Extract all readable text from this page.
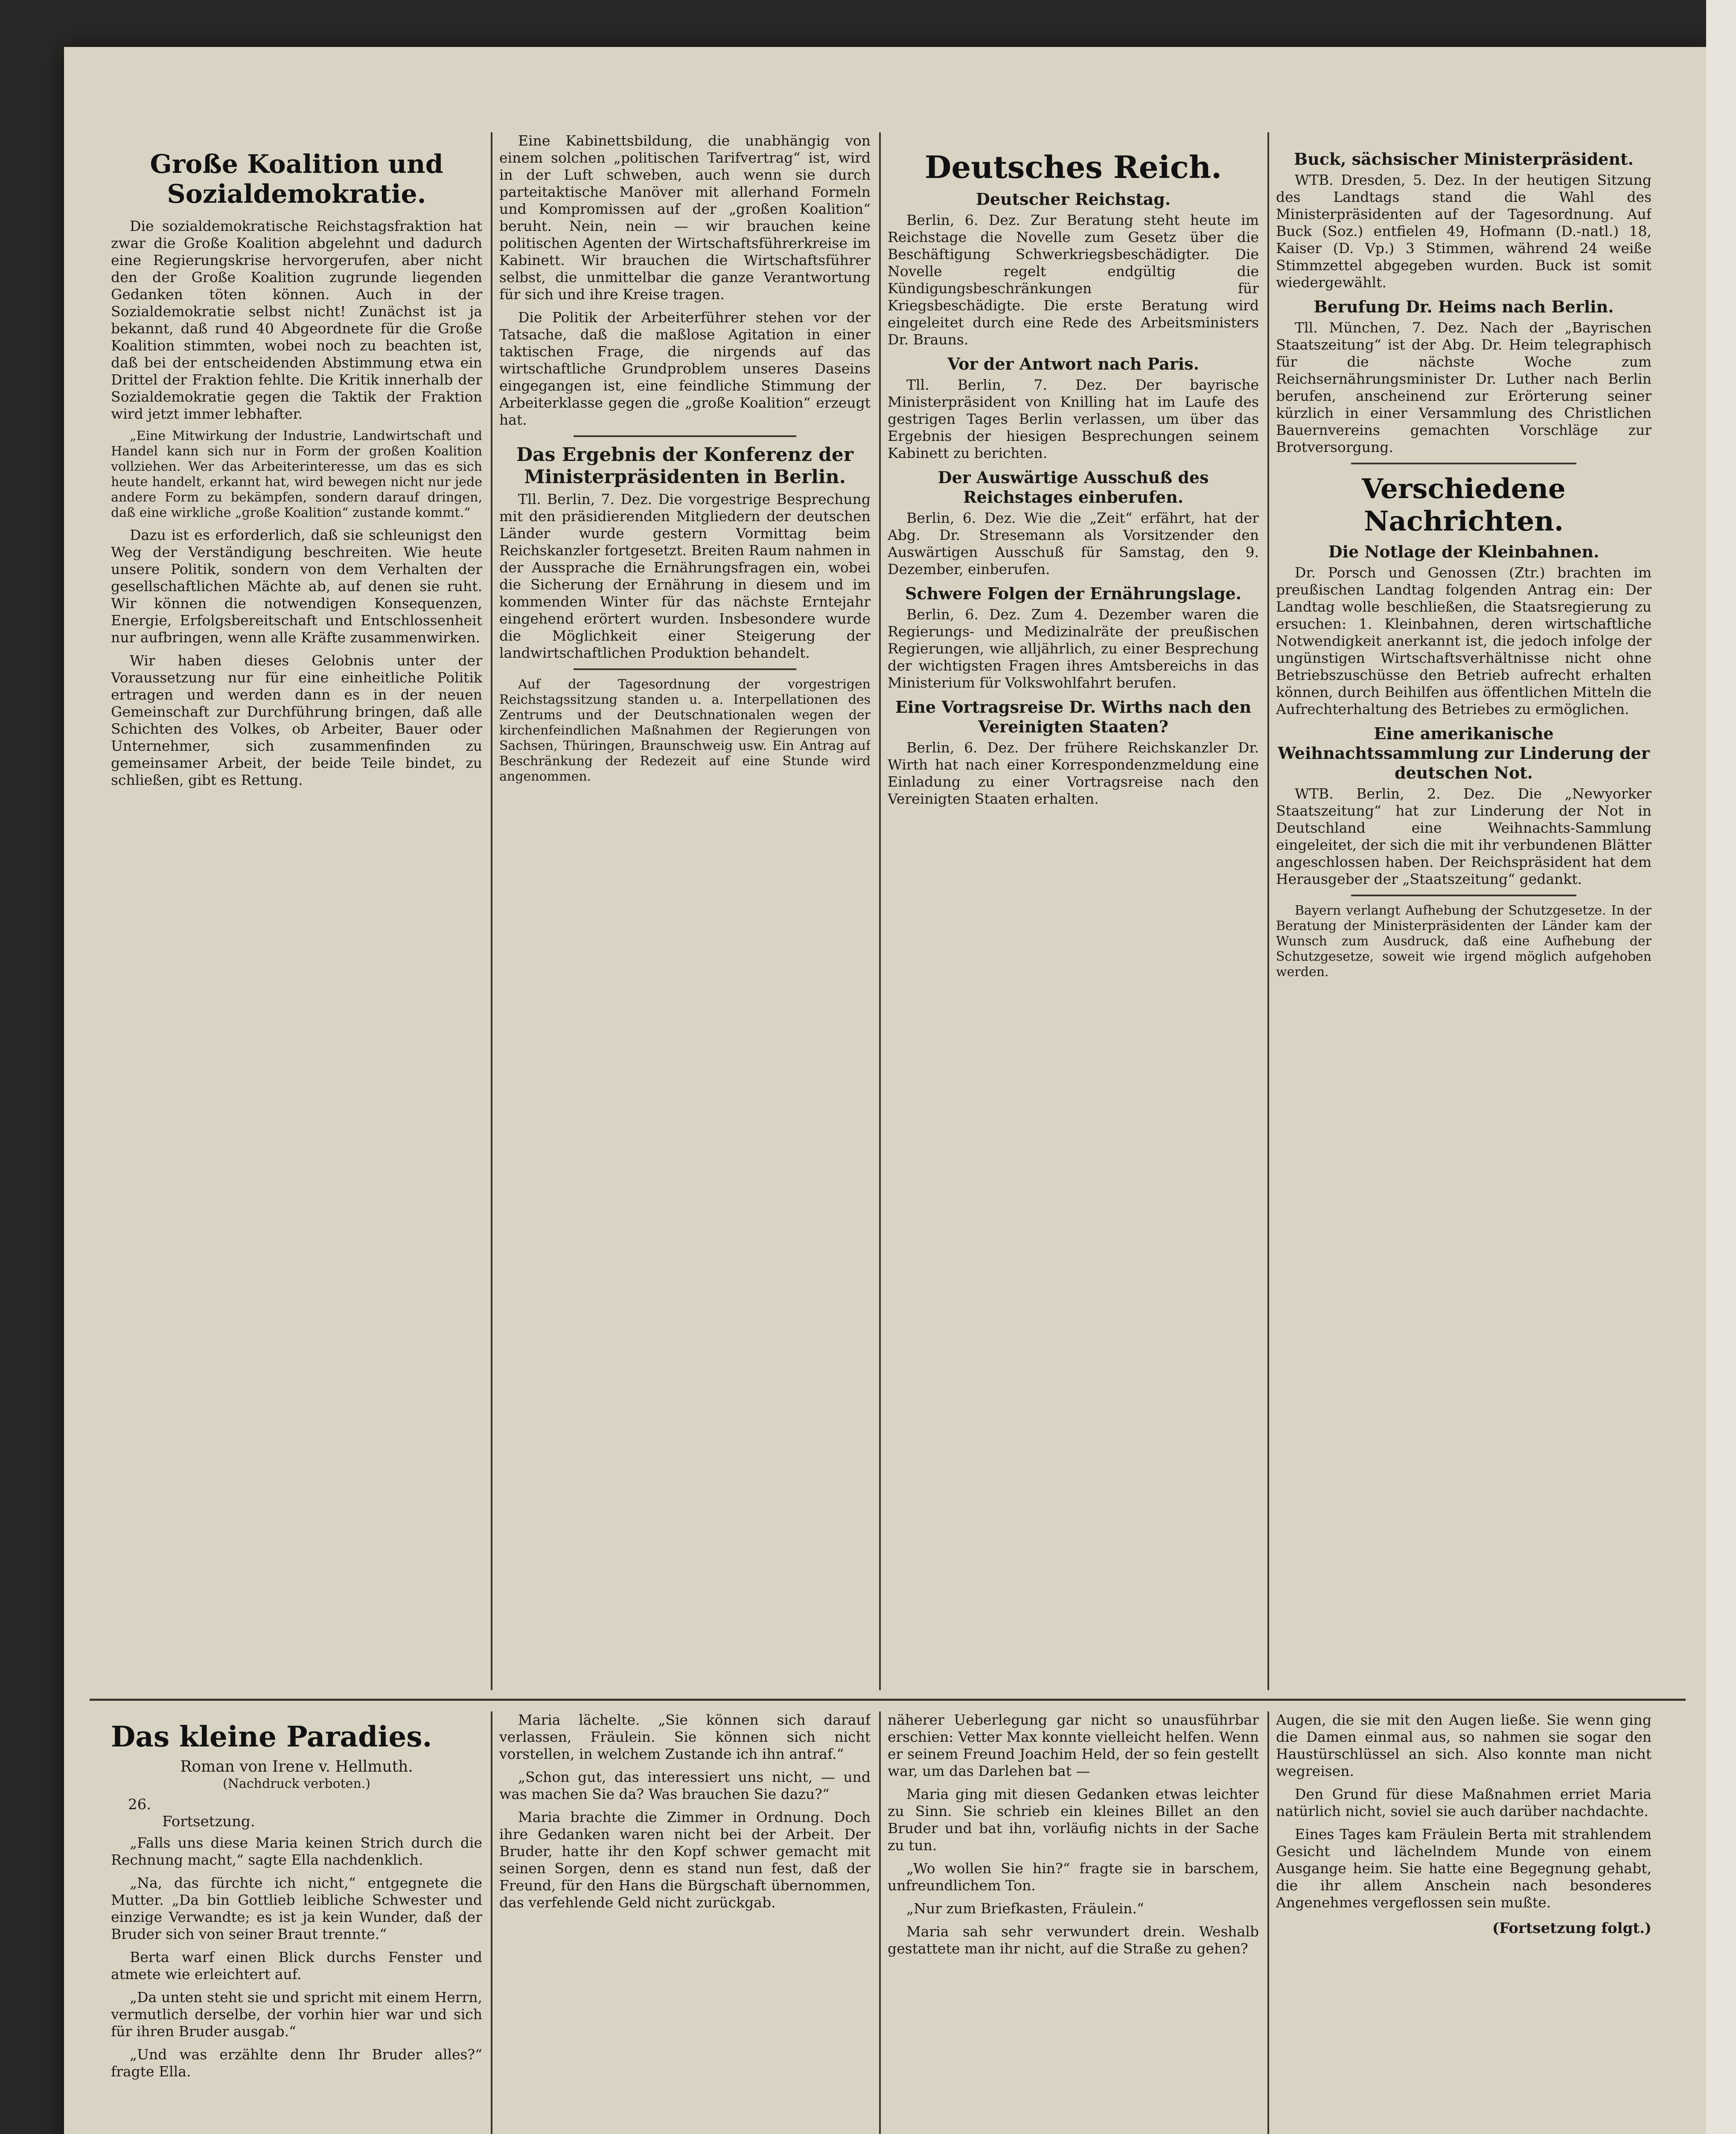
Große Koalition und Sozialdemokratie.

Die sozialdemokratische Reichstagsfraktion hat zwar die Große Koalition abgelehnt und dadurch eine Regierungskrise hervorgerufen, aber nicht den der Große Koalition zugrunde liegenden Gedanken töten können. Auch in der Sozialdemokratie selbst nicht! Zunächst ist ja bekannt, daß rund 40 Abgeordnete für die Große Koalition stimmten, wobei noch zu beachten ist, daß bei der entscheidenden Abstimmung etwa ein Drittel der Fraktion fehlte. Die Kritik innerhalb der Sozialdemokratie gegen die Taktik der Fraktion wird jetzt immer lebhafter.

„Eine Mitwirkung der Industrie, Landwirtschaft und Handel kann sich nur in Form der großen Koalition vollziehen. Wer das Arbeiterinteresse, um das es sich heute handelt, erkannt hat, wird bewegen nicht nur jede andere Form zu bekämpfen, sondern darauf dringen, daß eine wirkliche „große Koalition“ zustande kommt.“

Dazu ist es erforderlich, daß sie schleunigst den Weg der Verständigung beschreiten. Wie heute unsere Politik, sondern von dem Verhalten der gesellschaftlichen Mächte ab, auf denen sie ruht. Wir können die notwendigen Konsequenzen, Energie, Erfolgsbereitschaft und Entschlossenheit nur aufbringen, wenn alle Kräfte zusammenwirken.

Wir haben dieses Gelobnis unter der Voraussetzung nur für eine einheitliche Politik ertragen und werden dann es in der neuen Gemeinschaft zur Durchführung bringen, daß alle Schichten des Volkes, ob Arbeiter, Bauer oder Unternehmer, sich zusammenfinden zu gemeinsamer Arbeit, der beide Teile bindet, zu schließen, gibt es Rettung.

Eine Kabinettsbildung, die unabhängig von einem solchen „politischen Tarifvertrag“ ist, wird in der Luft schweben, auch wenn sie durch parteitaktische Manöver mit allerhand Formeln und Kompromissen auf der „großen Koalition“ beruht. Nein, nein — wir brauchen keine politischen Agenten der Wirtschaftsführerkreise im Kabinett. Wir brauchen die Wirtschaftsführer selbst, die unmittelbar die ganze Verantwortung für sich und ihre Kreise tragen.

Die Politik der Arbeiterführer stehen vor der Tatsache, daß die maßlose Agitation in einer taktischen Frage, die nirgends auf das wirtschaftliche Grundproblem unseres Daseins eingegangen ist, eine feindliche Stimmung der Arbeiterklasse gegen die „große Koalition“ erzeugt hat.

Das Ergebnis der Konferenz der Ministerpräsidenten in Berlin.

Tll. Berlin, 7. Dez. Die vorgestrige Besprechung mit den präsidierenden Mitgliedern der deutschen Länder wurde gestern Vormittag beim Reichskanzler fortgesetzt. Breiten Raum nahmen in der Aussprache die Ernährungsfragen ein, wobei die Sicherung der Ernährung in diesem und im kommenden Winter für das nächste Erntejahr eingehend erörtert wurden. Insbesondere wurde die Möglichkeit einer Steigerung der landwirtschaftlichen Produktion behandelt.

Auf der Tagesordnung der vorgestrigen Reichstagssitzung standen u. a. Interpellationen des Zentrums und der Deutschnationalen wegen der kirchenfeindlichen Maßnahmen der Regierungen von Sachsen, Thüringen, Braunschweig usw. Ein Antrag auf Beschränkung der Redezeit auf eine Stunde wird angenommen.

Deutsches Reich.
Deutscher Reichstag.

Berlin, 6. Dez. Zur Beratung steht heute im Reichstage die Novelle zum Gesetz über die Beschäftigung Schwerkriegsbeschädigter. Die Novelle regelt endgültig die Kündigungsbeschränkungen für Kriegsbeschädigte. Die erste Beratung wird eingeleitet durch eine Rede des Arbeitsministers Dr. Brauns.

Vor der Antwort nach Paris.

Tll. Berlin, 7. Dez. Der bayrische Ministerpräsident von Knilling hat im Laufe des gestrigen Tages Berlin verlassen, um über das Ergebnis der hiesigen Besprechungen seinem Kabinett zu berichten.

Der Auswärtige Ausschuß des Reichstages einberufen.

Berlin, 6. Dez. Wie die „Zeit“ erfährt, hat der Abg. Dr. Stresemann als Vorsitzender den Auswärtigen Ausschuß für Samstag, den 9. Dezember, einberufen.

Schwere Folgen der Ernährungslage.

Berlin, 6. Dez. Zum 4. Dezember waren die Regierungs- und Medizinalräte der preußischen Regierungen, wie alljährlich, zu einer Besprechung der wichtigsten Fragen ihres Amtsbereichs in das Ministerium für Volkswohlfahrt berufen.

Eine Vortragsreise Dr. Wirths nach den Vereinigten Staaten?

Berlin, 6. Dez. Der frühere Reichskanzler Dr. Wirth hat nach einer Korrespondenzmeldung eine Einladung zu einer Vortragsreise nach den Vereinigten Staaten erhalten.

Buck, sächsischer Ministerpräsident.

WTB. Dresden, 5. Dez. In der heutigen Sitzung des Landtags stand die Wahl des Ministerpräsidenten auf der Tagesordnung. Auf Buck (Soz.) entfielen 49, Hofmann (D.-natl.) 18, Kaiser (D. Vp.) 3 Stimmen, während 24 weiße Stimmzettel abgegeben wurden. Buck ist somit wiedergewählt.

Berufung Dr. Heims nach Berlin.

Tll. München, 7. Dez. Nach der „Bayrischen Staatszeitung“ ist der Abg. Dr. Heim telegraphisch für die nächste Woche zum Reichsernährungsminister Dr. Luther nach Berlin berufen, anscheinend zur Erörterung seiner kürzlich in einer Versammlung des Christlichen Bauernvereins gemachten Vorschläge zur Brotversorgung.

Verschiedene Nachrichten.
Die Notlage der Kleinbahnen.

Dr. Porsch und Genossen (Ztr.) brachten im preußischen Landtag folgenden Antrag ein: Der Landtag wolle beschließen, die Staatsregierung zu ersuchen: 1. Kleinbahnen, deren wirtschaftliche Notwendigkeit anerkannt ist, die jedoch infolge der ungünstigen Wirtschaftsverhältnisse nicht ohne Betriebszuschüsse den Betrieb aufrecht erhalten können, durch Beihilfen aus öffentlichen Mitteln die Aufrechterhaltung des Betriebes zu ermöglichen.

Eine amerikanische Weihnachtssammlung zur Linderung der deutschen Not.

WTB. Berlin, 2. Dez. Die „Newyorker Staatszeitung“ hat zur Linderung der Not in Deutschland eine Weihnachts-Sammlung eingeleitet, der sich die mit ihr verbundenen Blätter angeschlossen haben. Der Reichspräsident hat dem Herausgeber der „Staatszeitung“ gedankt.

Bayern verlangt Aufhebung der Schutzgesetze. In der Beratung der Ministerpräsidenten der Länder kam der Wunsch zum Ausdruck, daß eine Aufhebung der Schutzgesetze, soweit wie irgend möglich aufgehoben werden.

Das kleine Paradies.
Roman von Irene v. Hellmuth.
(Nachdruck verboten.)
26.
Fortsetzung.

„Falls uns diese Maria keinen Strich durch die Rechnung macht,“ sagte Ella nachdenklich.

„Na, das fürchte ich nicht,“ entgegnete die Mutter. „Da bin Gottlieb leibliche Schwester und einzige Verwandte; es ist ja kein Wunder, daß der Bruder sich von seiner Braut trennte.“

Berta warf einen Blick durchs Fenster und atmete wie erleichtert auf.

„Da unten steht sie und spricht mit einem Herrn, vermutlich derselbe, der vorhin hier war und sich für ihren Bruder ausgab.“

„Und was erzählte denn Ihr Bruder alles?“ fragte Ella.

Maria lächelte. „Sie können sich darauf verlassen, Fräulein. Sie können sich nicht vorstellen, in welchem Zustande ich ihn antraf.“

„Schon gut, das interessiert uns nicht, — und was machen Sie da? Was brauchen Sie dazu?“

Maria brachte die Zimmer in Ordnung. Doch ihre Gedanken waren nicht bei der Arbeit. Der Bruder, hatte ihr den Kopf schwer gemacht mit seinen Sorgen, denn es stand nun fest, daß der Freund, für den Hans die Bürgschaft übernommen, das verfehlende Geld nicht zurückgab.

näherer Ueberlegung gar nicht so unausführbar erschien: Vetter Max konnte vielleicht helfen. Wenn er seinem Freund Joachim Held, der so fein gestellt war, um das Darlehen bat —

Maria ging mit diesen Gedanken etwas leichter zu Sinn. Sie schrieb ein kleines Billet an den Bruder und bat ihn, vorläufig nichts in der Sache zu tun.

„Wo wollen Sie hin?“ fragte sie in barschem, unfreundlichem Ton.

„Nur zum Briefkasten, Fräulein.“

Maria sah sehr verwundert drein. Weshalb gestattete man ihr nicht, auf die Straße zu gehen?

Augen, die sie mit den Augen ließe. Sie wenn ging die Damen einmal aus, so nahmen sie sogar den Haustürschlüssel an sich. Also konnte man nicht wegreisen.

Den Grund für diese Maßnahmen erriet Maria natürlich nicht, soviel sie auch darüber nachdachte.

Eines Tages kam Fräulein Berta mit strahlendem Gesicht und lächelndem Munde von einem Ausgange heim. Sie hatte eine Begegnung gehabt, die ihr allem Anschein nach besonderes Angenehmes vergeflossen sein mußte.

(Fortsetzung folgt.)
